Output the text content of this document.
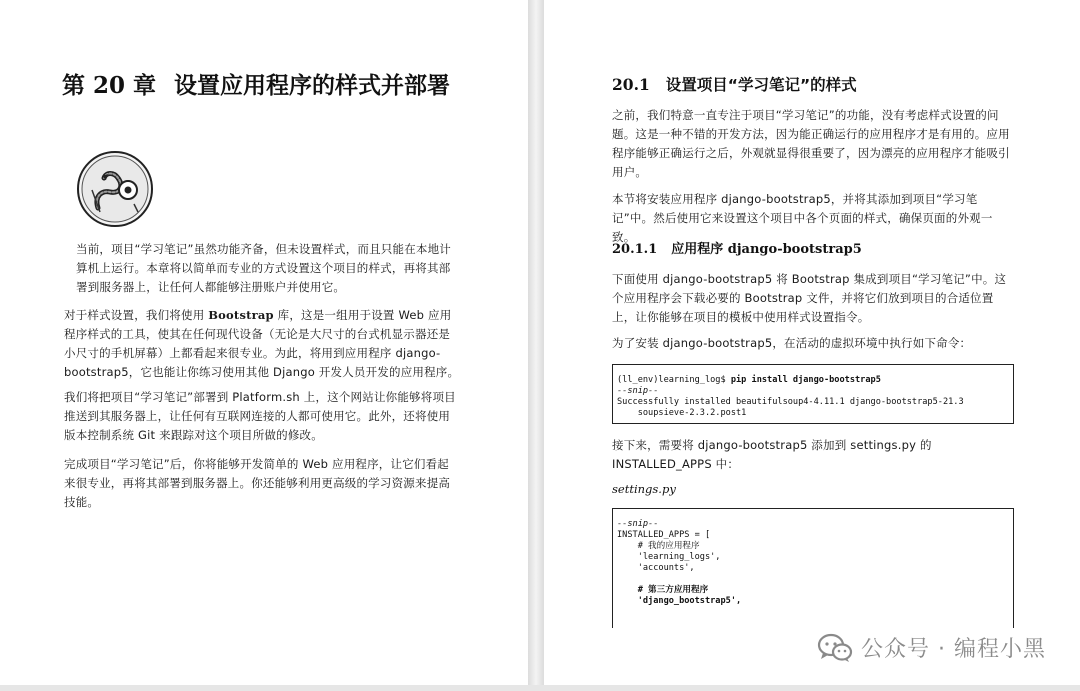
第 20 章 设置应用程序的样式并部署

当前，项目“学习笔记”虽然功能齐备，但未设置样式，而且只能在本地计算机上运行。本章将以简单而专业的方式设置这个项目的样式，再将其部署到服务器上，让任何人都能够注册账户并使用它。

对于样式设置，我们将使用 Bootstrap 库，这是一组用于设置 Web 应用程序样式的工具，使其在任何现代设备（无论是大尺寸的台式机显示器还是小尺寸的手机屏幕）上都看起来很专业。为此，将用到应用程序 django-bootstrap5，它也能让你练习使用其他 Django 开发人员开发的应用程序。

我们将把项目“学习笔记”部署到 Platform.sh 上，这个网站让你能够将项目推送到其服务器上，让任何有互联网连接的人都可使用它。此外，还将使用版本控制系统 Git 来跟踪对这个项目所做的修改。

完成项目“学习笔记”后，你将能够开发简单的 Web 应用程序，让它们看起来很专业，再将其部署到服务器上。你还能够利用更高级的学习资源来提高技能。

20.1 设置项目“学习笔记”的样式

之前，我们特意一直专注于项目“学习笔记”的功能，没有考虑样式设置的问题。这是一种不错的开发方法，因为能正确运行的应用程序才是有用的。应用程序能够正确运行之后，外观就显得很重要了，因为漂亮的应用程序才能吸引用户。

本节将安装应用程序 django-bootstrap5，并将其添加到项目“学习笔记”中。然后使用它来设置这个项目中各个页面的样式，确保页面的外观一致。

20.1.1 应用程序 django-bootstrap5

下面使用 django-bootstrap5 将 Bootstrap 集成到项目“学习笔记”中。这个应用程序会下载必要的 Bootstrap 文件，并将它们放到项目的合适位置上，让你能够在项目的模板中使用样式设置指令。

为了安装 django-bootstrap5，在活动的虚拟环境中执行如下命令：

(ll_env)learning_log$ pip install django-bootstrap5
--snip--
Successfully installed beautifulsoup4-4.11.1 django-bootstrap5-21.3
soupsieve-2.3.2.post1

接下来，需要将 django-bootstrap5 添加到 settings.py 的 INSTALLED_APPS 中：

settings.py

--snip--
INSTALLED_APPS = [
# 我的应用程序
'learning_logs',
'accounts',

# 第三方应用程序
'django_bootstrap5',
公众号 · 编程小黑
